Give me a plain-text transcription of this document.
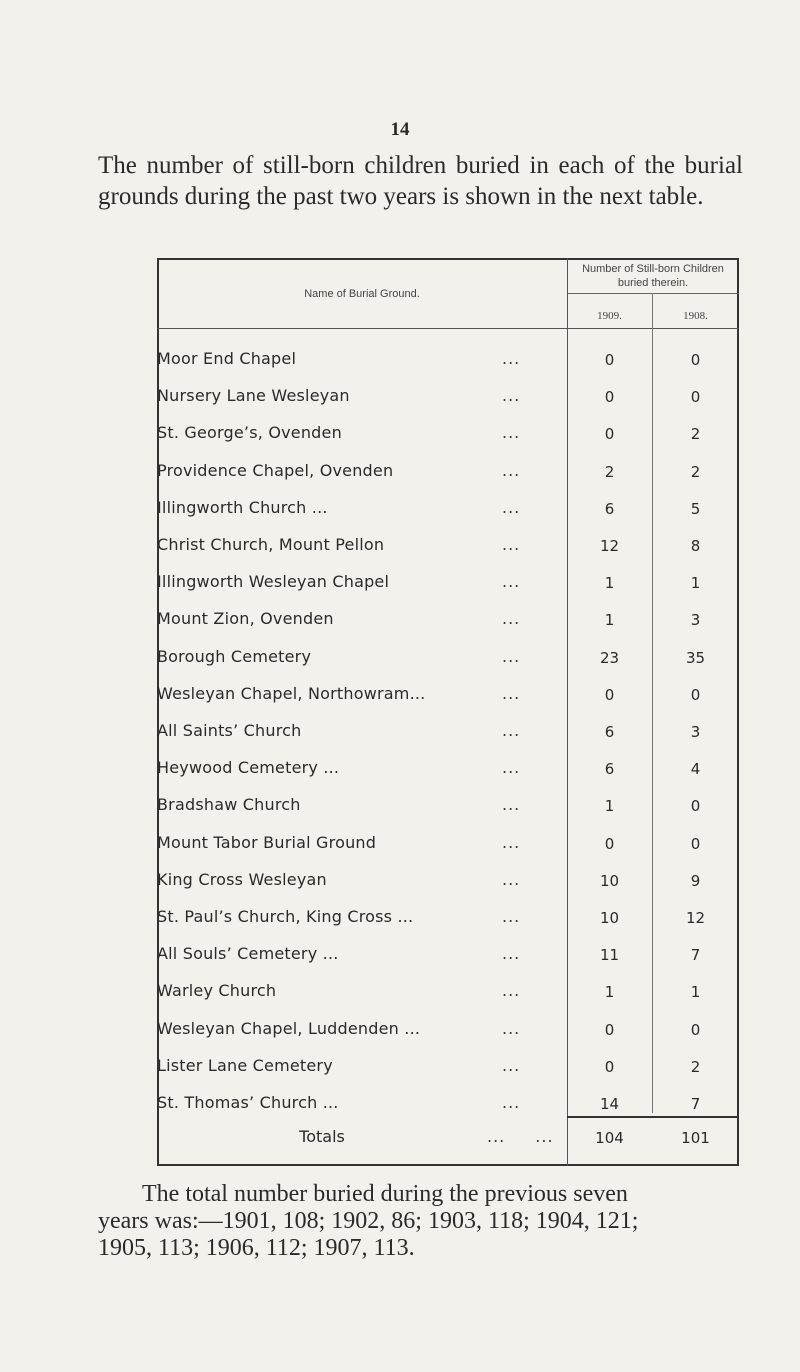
14
The number of still-born children buried in each of the burial grounds during the past two years is shown in the next table.
Name of Burial Ground.
Number of Still-born Children buried therein.
1909.	1908.
Totals	... ...	104	101
Moor End Chapel	...	0	0
Nursery Lane Wesleyan	...	0	0
St. George’s, Ovenden	...	0	2
Providence Chapel, Ovenden	...	2	2
Illingworth Church ...	...	6	5
Christ Church, Mount Pellon	...	12	8
Illingworth Wesleyan Chapel	...	1	1
Mount Zion, Ovenden	...	1	3
Borough Cemetery	...	23	35
Wesleyan Chapel, Northowram...	...	0	0
All Saints’ Church	...	6	3
Heywood Cemetery ...	...	6	4
Bradshaw Church	...	1	0
Mount Tabor Burial Ground	...	0	0
King Cross Wesleyan	...	10	9
St. Paul’s Church, King Cross ...	...	10	12
All Souls’ Cemetery ...	...	11	7
Warley Church	...	1	1
Wesleyan Chapel, Luddenden ...	...	0	0
Lister Lane Cemetery	...	0	2
St. Thomas’ Church ...	...	14	7
The total number buried during the previous seven
years was:—1901, 108; 1902, 86; 1903, 118; 1904, 121;
1905, 113; 1906, 112; 1907, 113.
